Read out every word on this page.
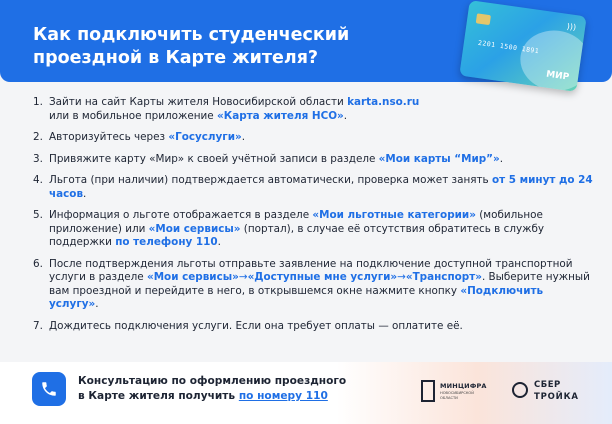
Как подключить студенческий
проездной в Карте жителя?
)))
2201 1500 1891
МИР
1. Зайти на сайт Карты жителя Новосибирской области karta.nso.ru
или в мобильное приложение «Карта жителя НСО».
2. Авторизуйтесь через «Госуслуги».
3. Привяжите карту «Мир» к своей учётной записи в разделе «Мои карты “Мир”».
4. Льгота (при наличии) подтверждается автоматически, проверка может занять от 5 минут до 24 часов.
5. Информация о льготе отображается в разделе «Мои льготные категории» (мобильное приложение) или «Мои сервисы» (портал), в случае её отсутствия обратитесь в службу поддержки по телефону 110.
6. После подтверждения льготы отправьте заявление на подключение доступной транспортной услуги в разделе «Мои сервисы»→«Доступные мне услуги»→«Транспорт». Выберите нужный вам проездной и перейдите в него, в открывшемся окне нажмите кнопку «Подключить услугу».
7. Дождитесь подключения услуги. Если она требует оплаты — оплатите её.
Консультацию по оформлению проездного
в Карте жителя получить по номеру 110
МИНЦИФРА
НОВОСИБИРСКОЙ
ОБЛАСТИ
СБЕР
ТРОЙКА
